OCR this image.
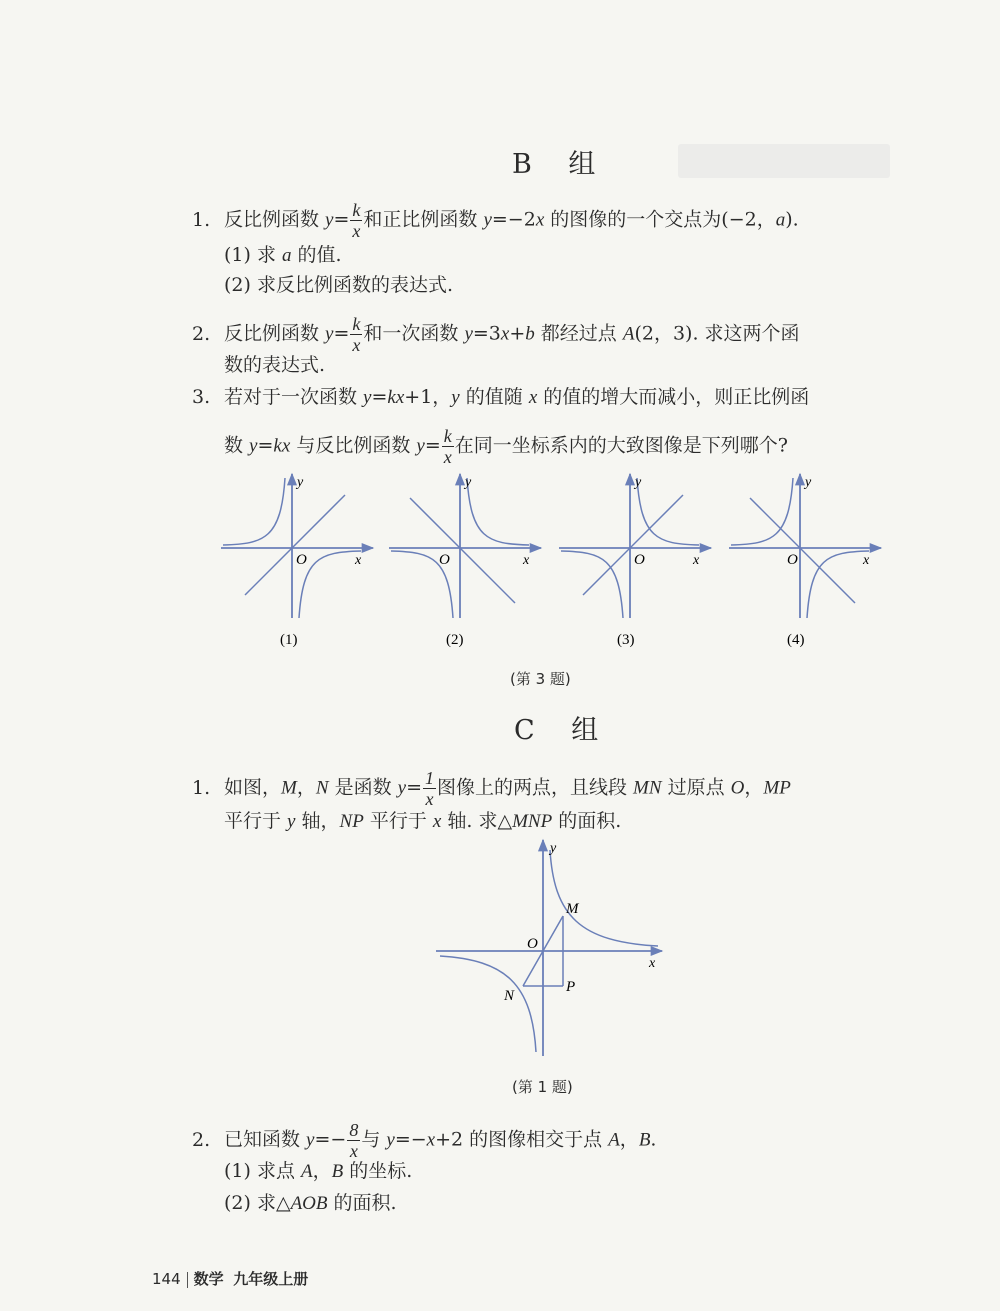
B 组
1. 反比例函数 $y= \frac{k}{x}$ 和正比例函数 y=−2x 的图像的一个交点为(−2，a).
(1) 求 a 的值.
(2) 求反比例函数的表达式.
2. 反比例函数 $y= \frac{k}{x}$ 和一次函数 y=3x+b 都经过点 A(2，3). 求这两个函
数的表达式.
3. 若对于一次函数 y=kx+1，y 的值随 x 的值的增大而减小，则正比例函
数 y=kx 与反比例函数 $y= \frac{k}{x}$ 在同一坐标系内的大致图像是下列哪个?
O	x
y
(1)
O	x
y
(2)
O	x
y
(3)
O	x
y
(4)
(第 3 题)
C 组
1. 如图，M，N 是函数 $y= \frac{1}{x}$ 图像上的两点，且线段 MN 过原点 O，MP
平行于 y 轴，NP 平行于 x 轴. 求△MNP 的面积.
M
N
O
P
x
y
(第 1 题)
2. 已知函数 $y=- \frac{8}{x}$ 与 y=−x+2 的图像相交于点 A，B.
(1) 求点 A，B 的坐标.
(2) 求△AOB 的面积.
144 数学 九年级上册
